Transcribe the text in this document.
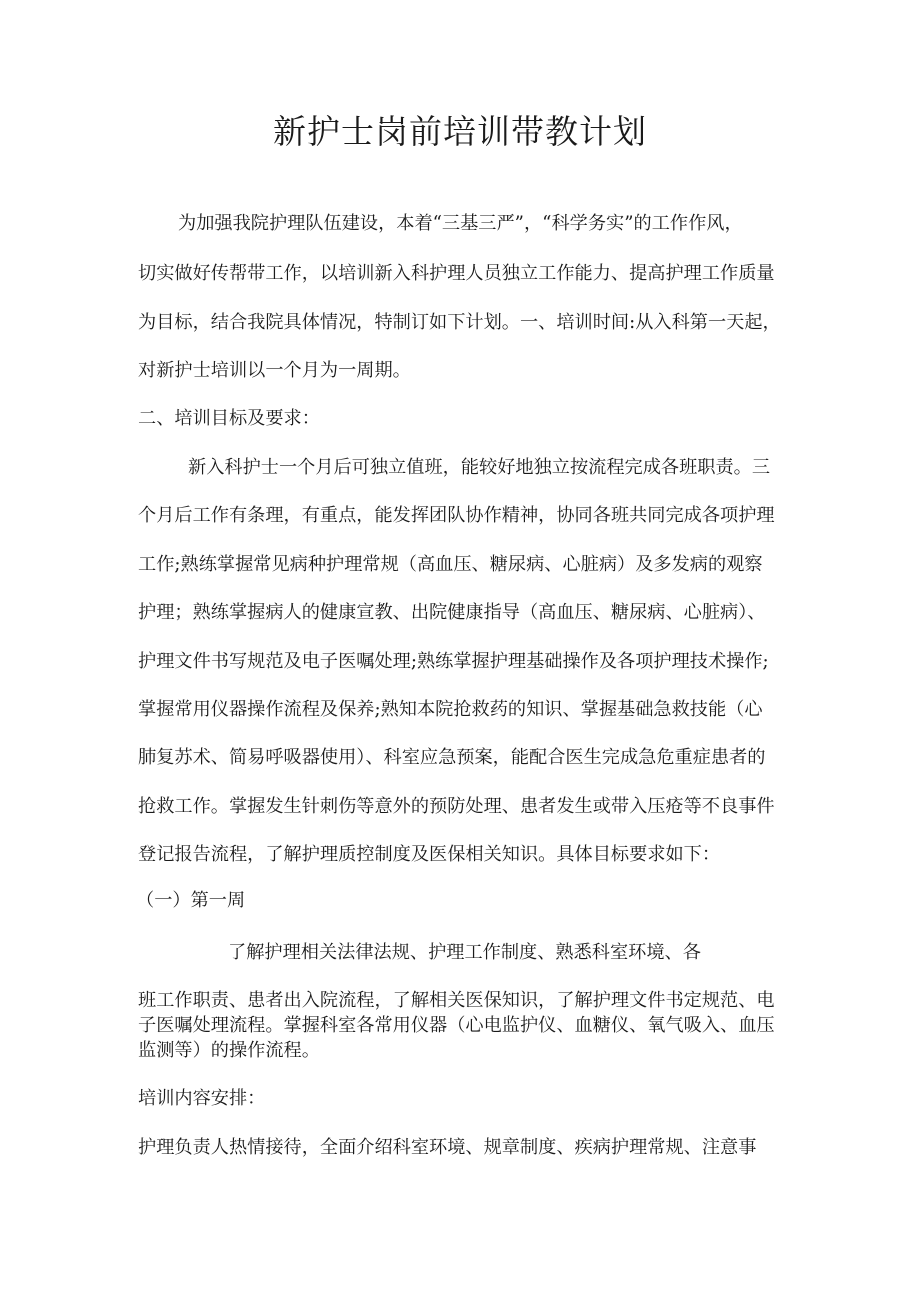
新护士岗前培训带教计划

为加强我院护理队伍建设，本着“三基三严”，“科学务实”的工作作风，

切实做好传帮带工作，以培训新入科护理人员独立工作能力、提高护理工作质量

为目标，结合我院具体情况，特制订如下计划。一、培训时间:从入科第一天起，

对新护士培训以一个月为一周期。

二、培训目标及要求：

新入科护士一个月后可独立值班，能较好地独立按流程完成各班职责。三

个月后工作有条理，有重点，能发挥团队协作精神，协同各班共同完成各项护理

工作;熟练掌握常见病种护理常规（高血压、糖尿病、心脏病）及多发病的观察

护理；熟练掌握病人的健康宣教、出院健康指导（高血压、糖尿病、心脏病）、

护理文件书写规范及电子医嘱处理;熟练掌握护理基础操作及各项护理技术操作;

掌握常用仪器操作流程及保养;熟知本院抢救药的知识、掌握基础急救技能（心

肺复苏术、简易呼吸器使用）、科室应急预案，能配合医生完成急危重症患者的

抢救工作。掌握发生针刺伤等意外的预防处理、患者发生或带入压疮等不良事件

登记报告流程，了解护理质控制度及医保相关知识。具体目标要求如下：

（一）第一周

了解护理相关法律法规、护理工作制度、熟悉科室环境、各

班工作职责、患者出入院流程，了解相关医保知识，了解护理文件书定规范、电

子医嘱处理流程。掌握科室各常用仪器（心电监护仪、血糖仪、氧气吸入、血压

监测等）的操作流程。

培训内容安排：

护理负责人热情接待，全面介绍科室环境、规章制度、疾病护理常规、注意事
